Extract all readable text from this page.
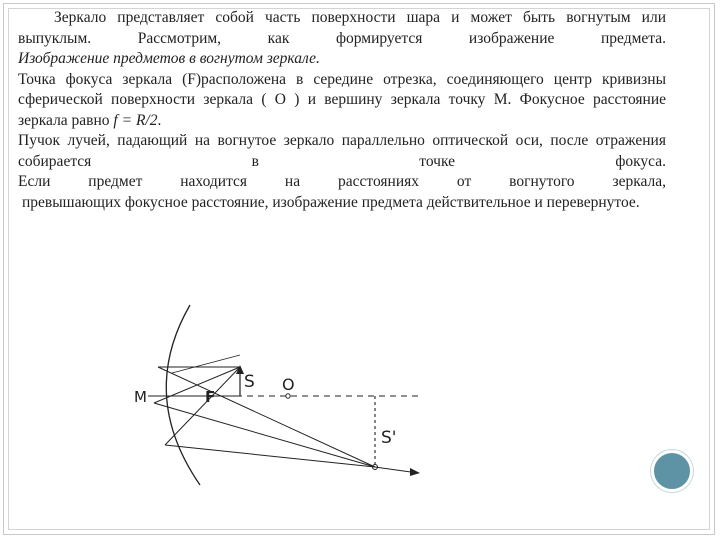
Зеркало представляет собой часть поверхности шара и может быть вогнутым или выпуклым. Рассмотрим, как формируется изображение предмета.

Изображение предметов в вогнутом зеркале.

Точка фокуса зеркала (F)расположена в середине отрезка, соединяющего центр кривизны сферической поверхности зеркала ( O ) и вершину зеркала точку M. Фокусное расстояние зеркала равно f = R/2.

Пучок лучей, падающий на вогнутое зеркало параллельно оптической оси, после отражения собирается в точке фокуса.

Если предмет находится на расстояниях от вогнутого зеркала,

превышающих фокусное расстояние, изображение предмета действительное и перевернутое.

M	F
O
S
S'
